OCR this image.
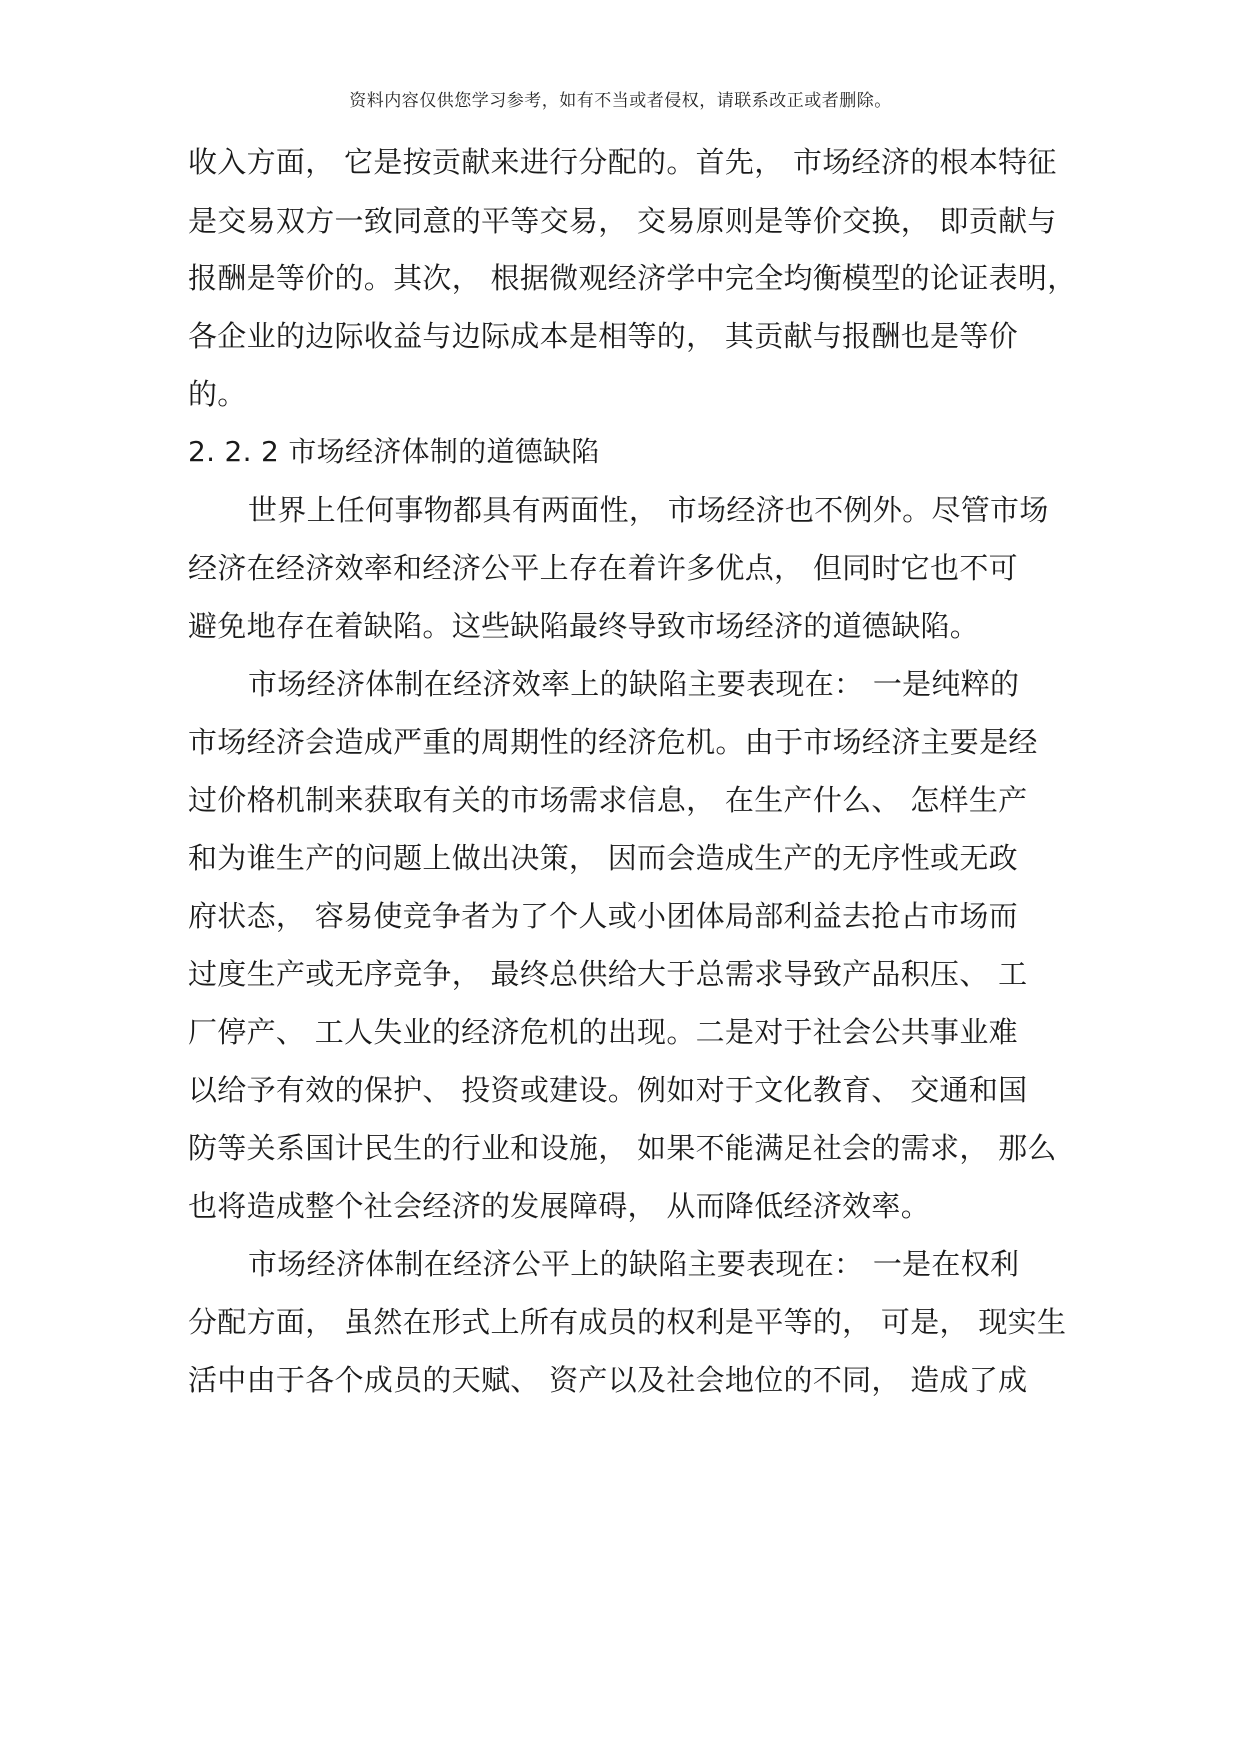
资料内容仅供您学习参考，如有不当或者侵权，请联系改正或者删除。
收入方面， 它是按贡献来进行分配的。首先， 市场经济的根本特征
是交易双方一致同意的平等交易， 交易原则是等价交换， 即贡献与
报酬是等价的。其次， 根据微观经济学中完全均衡模型的论证表明，
各企业的边际收益与边际成本是相等的， 其贡献与报酬也是等价
的。
2. 2. 2 市场经济体制的道德缺陷
世界上任何事物都具有两面性， 市场经济也不例外。尽管市场
经济在经济效率和经济公平上存在着许多优点， 但同时它也不可
避免地存在着缺陷。这些缺陷最终导致市场经济的道德缺陷。
市场经济体制在经济效率上的缺陷主要表现在： 一是纯粹的
市场经济会造成严重的周期性的经济危机。由于市场经济主要是经
过价格机制来获取有关的市场需求信息， 在生产什么、 怎样生产
和为谁生产的问题上做出决策， 因而会造成生产的无序性或无政
府状态， 容易使竞争者为了个人或小团体局部利益去抢占市场而
过度生产或无序竞争， 最终总供给大于总需求导致产品积压、 工
厂停产、 工人失业的经济危机的出现。二是对于社会公共事业难
以给予有效的保护、 投资或建设。例如对于文化教育、 交通和国
防等关系国计民生的行业和设施， 如果不能满足社会的需求， 那么
也将造成整个社会经济的发展障碍， 从而降低经济效率。
市场经济体制在经济公平上的缺陷主要表现在： 一是在权利
分配方面， 虽然在形式上所有成员的权利是平等的， 可是， 现实生
活中由于各个成员的天赋、 资产以及社会地位的不同， 造成了成
